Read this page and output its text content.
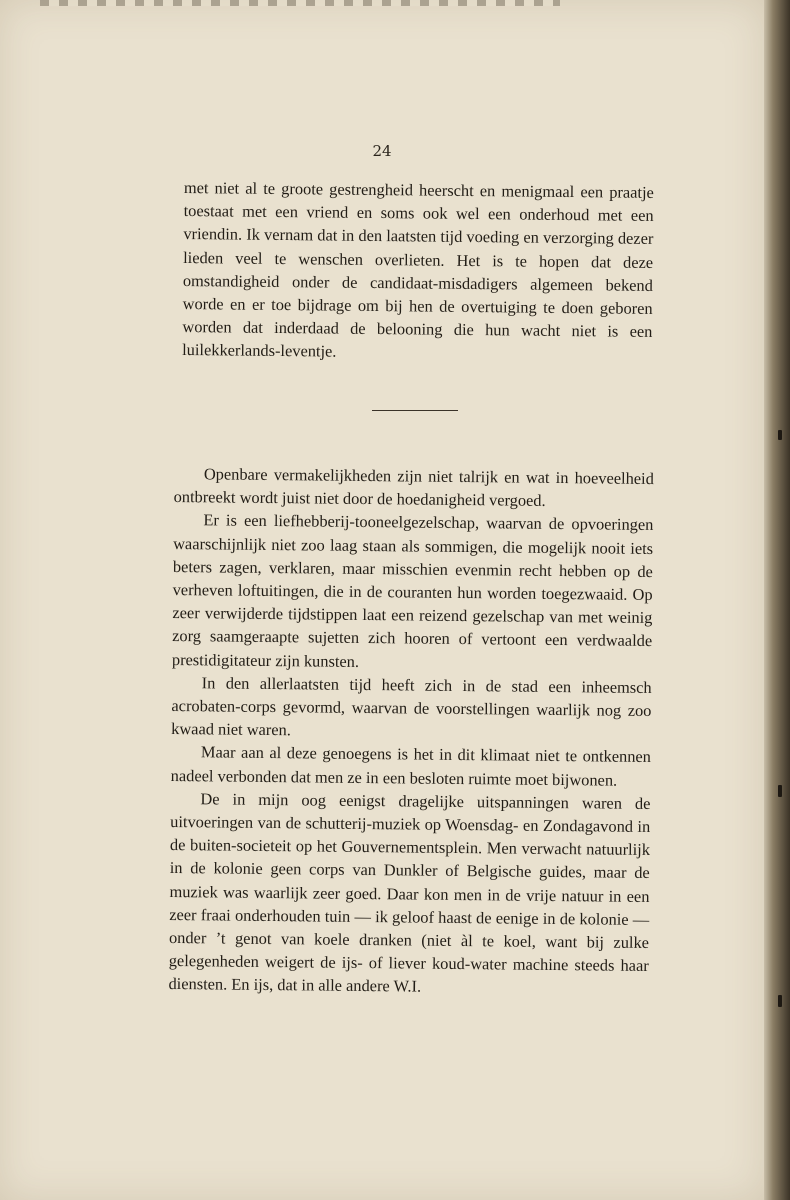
24

met niet al te groote gestrengheid heerscht en menigmaal een praatje toestaat met een vriend en soms ook wel een onderhoud met een vriendin. Ik vernam dat in den laatsten tijd voeding en verzorging dezer lieden veel te wenschen overlieten. Het is te hopen dat deze omstandigheid onder de candidaat-misdadigers algemeen bekend worde en er toe bijdrage om bij hen de overtuiging te doen geboren worden dat inderdaad de belooning die hun wacht niet is een luilekkerlands-leventje.

Openbare vermakelijkheden zijn niet talrijk en wat in hoeveelheid ontbreekt wordt juist niet door de hoedanigheid vergoed.

Er is een liefhebberij-tooneelgezelschap, waarvan de opvoeringen waarschijnlijk niet zoo laag staan als sommigen, die mogelijk nooit iets beters zagen, verklaren, maar misschien evenmin recht hebben op de verheven loftuitingen, die in de couranten hun worden toegezwaaid. Op zeer verwijderde tijdstippen laat een reizend gezelschap van met weinig zorg saamgeraapte sujetten zich hooren of vertoont een verdwaalde prestidigitateur zijn kunsten.

In den allerlaatsten tijd heeft zich in de stad een inheemsch acrobaten-corps gevormd, waarvan de voorstellingen waarlijk nog zoo kwaad niet waren.

Maar aan al deze genoegens is het in dit klimaat niet te ontkennen nadeel verbonden dat men ze in een besloten ruimte moet bijwonen.

De in mijn oog eenigst dragelijke uitspanningen waren de uitvoeringen van de schutterij-muziek op Woensdag- en Zondagavond in de buiten-societeit op het Gouvernementsplein. Men verwacht natuurlijk in de kolonie geen corps van Dunkler of Belgische guides, maar de muziek was waarlijk zeer goed. Daar kon men in de vrije natuur in een zeer fraai onderhouden tuin — ik geloof haast de eenige in de kolonie — onder ’t genot van koele dranken (niet àl te koel, want bij zulke gelegenheden weigert de ijs- of liever koud-water machine steeds haar diensten. En ijs, dat in alle andere W.I.
